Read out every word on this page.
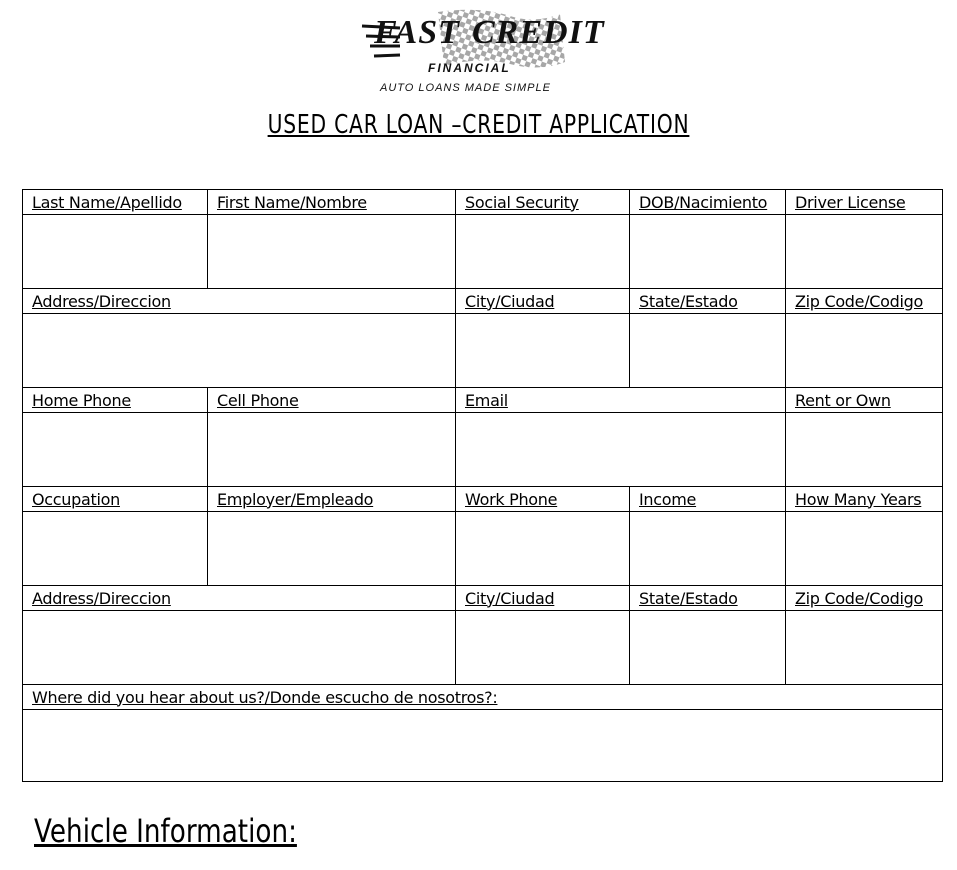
FAST CREDIT
FINANCIAL
AUTO LOANS MADE SIMPLE
USED CAR LOAN –CREDIT APPLICATION
Last Name/Apellido	First Name/Nombre	Social Security	DOB/Nacimiento	Driver License

Address/Direccion		City/Ciudad	State/Estado	Zip Code/Codigo

Home Phone	Cell Phone	Email		Rent or Own

Occupation	Employer/Empleado	Work Phone	Income	How Many Years

Address/Direccion		City/Ciudad	State/Estado	Zip Code/Codigo

Where did you hear about us?/Donde escucho de nosotros?:				

Vehicle Information:
